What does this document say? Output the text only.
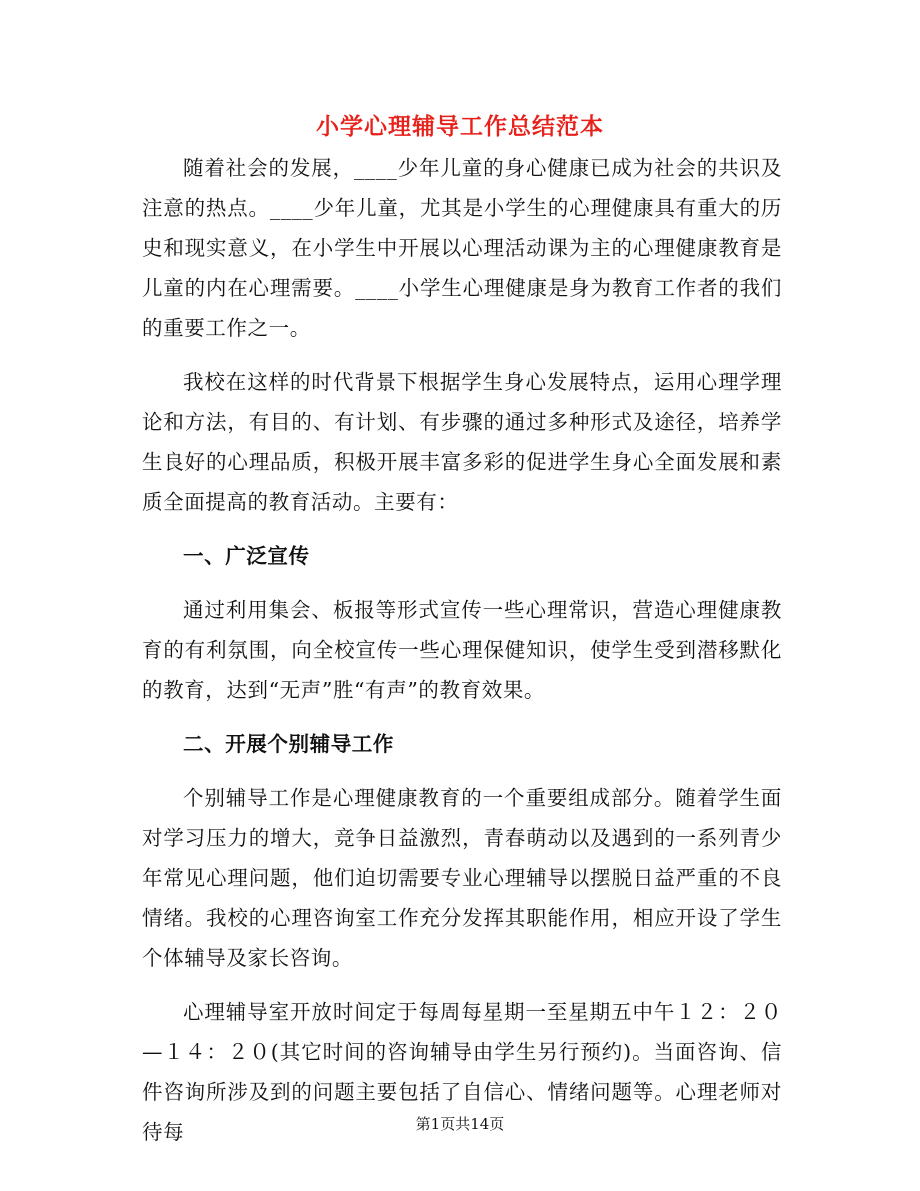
小学心理辅导工作总结范本

随着社会的发展，____少年儿童的身心健康已成为社会的共识及注意的热点。____少年儿童，尤其是小学生的心理健康具有重大的历史和现实意义，在小学生中开展以心理活动课为主的心理健康教育是儿童的内在心理需要。____小学生心理健康是身为教育工作者的我们的重要工作之一。

我校在这样的时代背景下根据学生身心发展特点，运用心理学理论和方法，有目的、有计划、有步骤的通过多种形式及途径，培养学生良好的心理品质，积极开展丰富多彩的促进学生身心全面发展和素质全面提高的教育活动。主要有：

一、广泛宣传

通过利用集会、板报等形式宣传一些心理常识，营造心理健康教育的有利氛围，向全校宣传一些心理保健知识，使学生受到潜移默化的教育，达到“无声”胜“有声”的教育效果。

二、开展个别辅导工作

个别辅导工作是心理健康教育的一个重要组成部分。随着学生面对学习压力的增大，竞争日益激烈，青春萌动以及遇到的一系列青少年常见心理问题，他们迫切需要专业心理辅导以摆脱日益严重的不良情绪。我校的心理咨询室工作充分发挥其职能作用，相应开设了学生个体辅导及家长咨询。

心理辅导室开放时间定于每周每星期一至星期五中午１２：２０—１４：２０(其它时间的咨询辅导由学生另行预约)。当面咨询、信件咨询所涉及到的问题主要包括了自信心、情绪问题等。心理老师对待每	第1页共14页
